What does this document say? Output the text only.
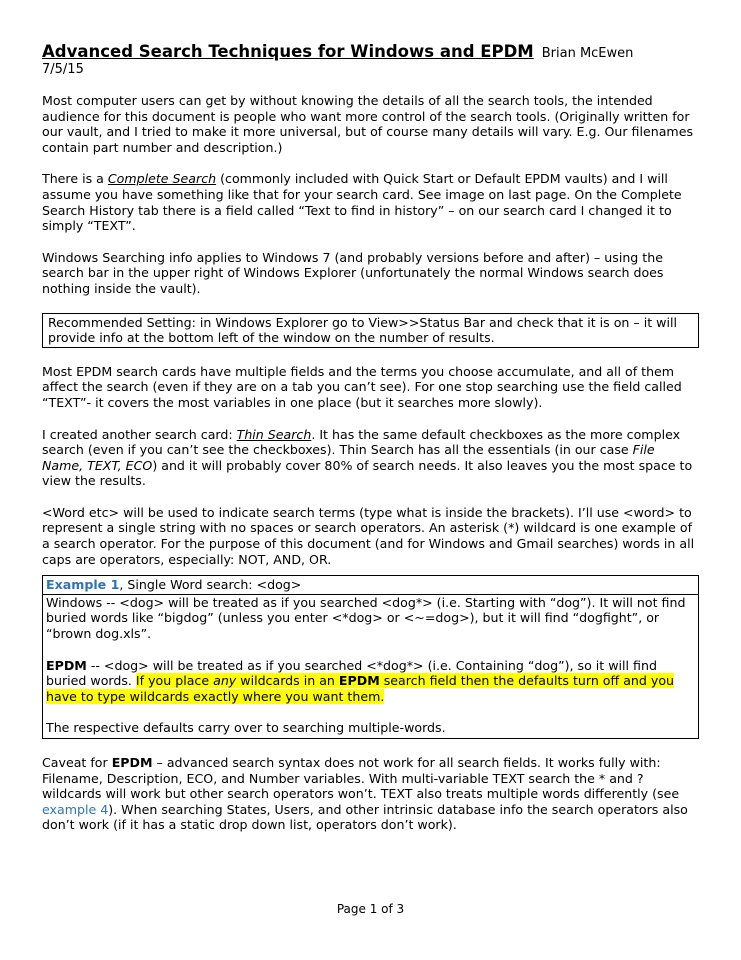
Advanced Search Techniques for Windows and EPDM Brian McEwen
7/5/15

Most computer users can get by without knowing the details of all the search tools, the intended audience for this document is people who want more control of the search tools. (Originally written for our vault, and I tried to make it more universal, but of course many details will vary. E.g. Our filenames contain part number and description.)

There is a Complete Search (commonly included with Quick Start or Default EPDM vaults) and I will assume you have something like that for your search card. See image on last page. On the Complete Search History tab there is a field called “Text to find in history” – on our search card I changed it to simply “TEXT”.

Windows Searching info applies to Windows 7 (and probably versions before and after) – using the search bar in the upper right of Windows Explorer (unfortunately the normal Windows search does nothing inside the vault).

Recommended Setting: in Windows Explorer go to View>>Status Bar and check that it is on – it will provide info at the bottom left of the window on the number of results.

Most EPDM search cards have multiple fields and the terms you choose accumulate, and all of them affect the search (even if they are on a tab you can’t see). For one stop searching use the field called “TEXT”- it covers the most variables in one place (but it searches more slowly).

I created another search card: Thin Search. It has the same default checkboxes as the more complex search (even if you can’t see the checkboxes). Thin Search has all the essentials (in our case File Name, TEXT, ECO) and it will probably cover 80% of search needs. It also leaves you the most space to view the results.

<Word etc> will be used to indicate search terms (type what is inside the brackets). I’ll use <word> to represent a single string with no spaces or search operators. An asterisk (*) wildcard is one example of a search operator. For the purpose of this document (and for Windows and Gmail searches) words in all caps are operators, especially: NOT, AND, OR.

Example 1, Single Word search: <dog>

Windows -- <dog> will be treated as if you searched <dog*> (i.e. Starting with “dog”). It will not find buried words like “bigdog” (unless you enter <*dog> or <~=dog>), but it will find “dogfight”, or “brown dog.xls”.

EPDM -- <dog> will be treated as if you searched <*dog*> (i.e. Containing “dog”), so it will find buried words. If you place any wildcards in an EPDM search field then the defaults turn off and you have to type wildcards exactly where you want them.

The respective defaults carry over to searching multiple-words.

Caveat for EPDM – advanced search syntax does not work for all search fields. It works fully with: Filename, Description, ECO, and Number variables. With multi-variable TEXT search the * and ? wildcards will work but other search operators won’t. TEXT also treats multiple words differently (see example 4). When searching States, Users, and other intrinsic database info the search operators also don’t work (if it has a static drop down list, operators don’t work).

Page 1 of 3
